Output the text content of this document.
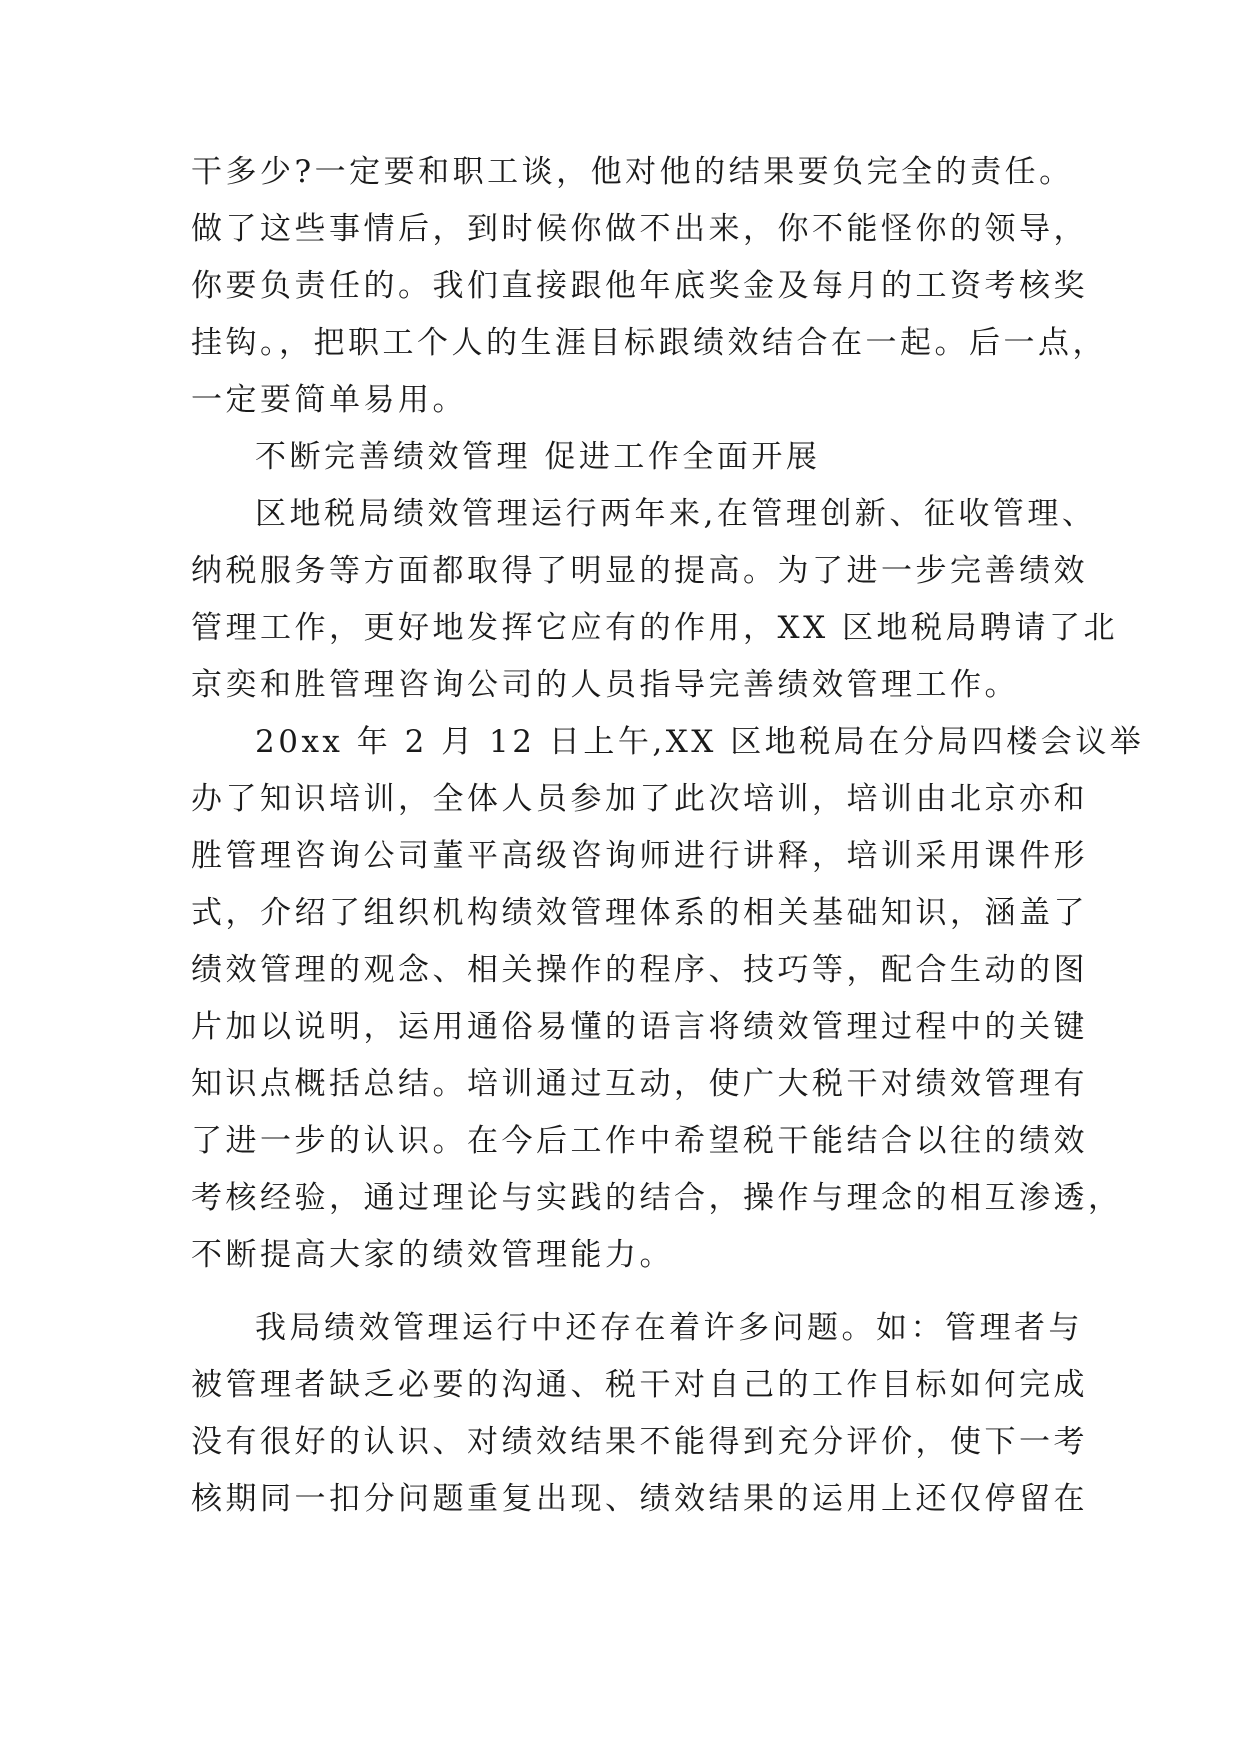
干多少?一定要和职工谈，他对他的结果要负完全的责任。
做了这些事情后，到时候你做不出来，你不能怪你的领导，
你要负责任的。我们直接跟他年底奖金及每月的工资考核奖
挂钩。，把职工个人的生涯目标跟绩效结合在一起。后一点，
一定要简单易用。
不断完善绩效管理 促进工作全面开展
区地税局绩效管理运行两年来,在管理创新、征收管理、
纳税服务等方面都取得了明显的提高。为了进一步完善绩效
管理工作，更好地发挥它应有的作用，XX 区地税局聘请了北
京奕和胜管理咨询公司的人员指导完善绩效管理工作。
20xx 年 2 月 12 日上午,XX 区地税局在分局四楼会议举
办了知识培训，全体人员参加了此次培训，培训由北京亦和
胜管理咨询公司董平高级咨询师进行讲释，培训采用课件形
式，介绍了组织机构绩效管理体系的相关基础知识，涵盖了
绩效管理的观念、相关操作的程序、技巧等，配合生动的图
片加以说明，运用通俗易懂的语言将绩效管理过程中的关键
知识点概括总结。培训通过互动，使广大税干对绩效管理有
了进一步的认识。在今后工作中希望税干能结合以往的绩效
考核经验，通过理论与实践的结合，操作与理念的相互渗透，
不断提高大家的绩效管理能力。
我局绩效管理运行中还存在着许多问题。如：管理者与
被管理者缺乏必要的沟通、税干对自己的工作目标如何完成
没有很好的认识、对绩效结果不能得到充分评价，使下一考
核期同一扣分问题重复出现、绩效结果的运用上还仅停留在
